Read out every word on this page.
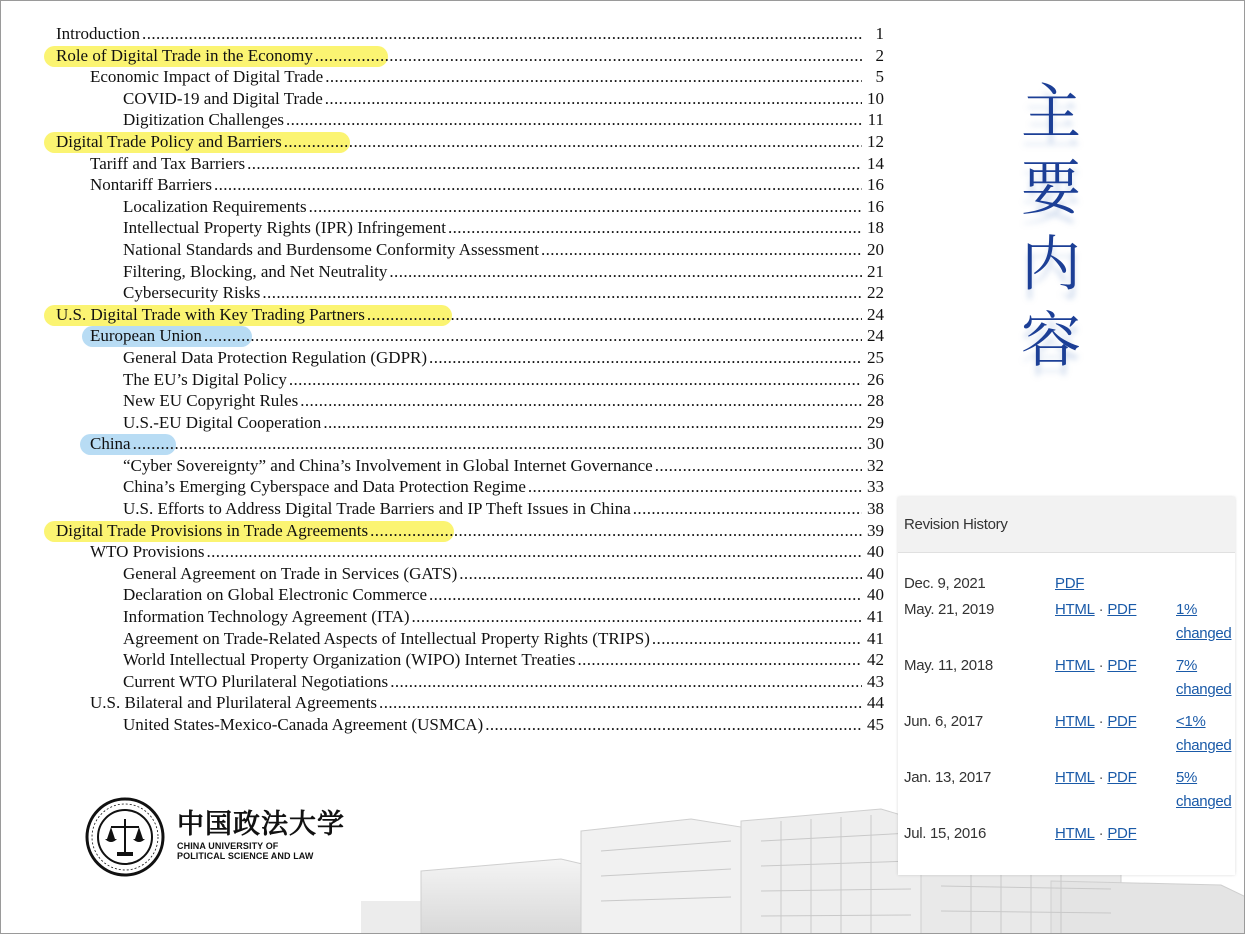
Introduction .....	1
Role of Digital Trade in the Economy .....	2
Economic Impact of Digital Trade .....	5
COVID-19 and Digital Trade .....	10
Digitization Challenges .....	11
Digital Trade Policy and Barriers .....	12
Tariff and Tax Barriers .....	14
Nontariff Barriers .....	16
Localization Requirements .....	16
Intellectual Property Rights (IPR) Infringement .....	18
National Standards and Burdensome Conformity Assessment .....	20
Filtering, Blocking, and Net Neutrality .....	21
Cybersecurity Risks .....	22
U.S. Digital Trade with Key Trading Partners .....	24
European Union .....	24
General Data Protection Regulation (GDPR) .....	25
The EU’s Digital Policy .....	26
New EU Copyright Rules .....	28
U.S.-EU Digital Cooperation .....	29
China .....	30
“Cyber Sovereignty” and China’s Involvement in Global Internet Governance .....	32
China’s Emerging Cyberspace and Data Protection Regime .....	33
U.S. Efforts to Address Digital Trade Barriers and IP Theft Issues in China .....	38
Digital Trade Provisions in Trade Agreements .....	39
WTO Provisions .....	40
General Agreement on Trade in Services (GATS) .....	40
Declaration on Global Electronic Commerce .....	40
Information Technology Agreement (ITA) .....	41
Agreement on Trade-Related Aspects of Intellectual Property Rights (TRIPS) .....	41
World Intellectual Property Organization (WIPO) Internet Treaties .....	42
Current WTO Plurilateral Negotiations .....	43
U.S. Bilateral and Plurilateral Agreements .....	44
United States-Mexico-Canada Agreement (USMCA) .....	45
主
要
内
容
Revision History
Dec. 9, 2021	PDF
May. 21, 2019	HTML · PDF	1%
changed
May. 11, 2018	HTML · PDF	7%
changed
Jun. 6, 2017	HTML · PDF	<1%
changed
Jan. 13, 2017	HTML · PDF	5%
changed
Jul. 15, 2016	HTML · PDF
中国政法大学
CHINA UNIVERSITY OF
POLITICAL SCIENCE AND LAW
